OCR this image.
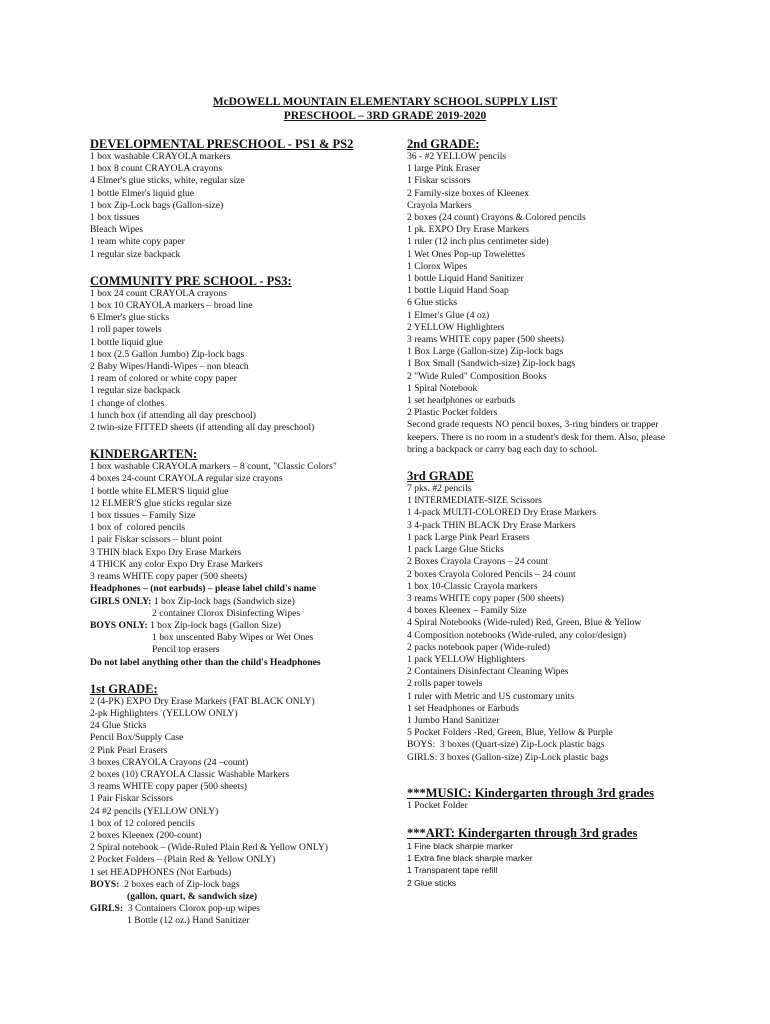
McDOWELL MOUNTAIN ELEMENTARY SCHOOL SUPPLY LIST
PRESCHOOL – 3RD GRADE 2019-2020
DEVELOPMENTAL PRESCHOOL - PS1 & PS2
1 box washable CRAYOLA markers
1 box 8 count CRAYOLA crayons
4 Elmer's glue sticks, white, regular size
1 bottle Elmer's liquid glue
1 box Zip-Lock bags (Gallon-size)
1 box tissues
Bleach Wipes
1 ream white copy paper
1 regular size backpack
COMMUNITY PRE SCHOOL - PS3:
1 box 24 count CRAYOLA crayons
1 box 10 CRAYOLA markers – broad line
6 Elmer's glue sticks
1 roll paper towels
1 bottle liquid glue
1 box (2.5 Gallon Jumbo) Zip-lock bags
2 Baby Wipes/Handi-Wipes – non bleach
1 ream of colored or white copy paper
1 regular size backpack
1 change of clothes
1 lunch box (if attending all day preschool)
2 twin-size FITTED sheets (if attending all day preschool)
KINDERGARTEN:
1 box washable CRAYOLA markers – 8 count, "Classic Colors"
4 boxes 24-count CRAYOLA regular size crayons
1 bottle white ELMER'S liquid glue
12 ELMER'S glue sticks regular size
1 box tissues – Family Size
1 box of  colored pencils
1 pair Fiskar scissors – blunt point
3 THIN black Expo Dry Erase Markers
4 THICK any color Expo Dry Erase Markers
3 reams WHITE copy paper (500 sheets)
Headphones – (not earbuds) – please label child's name
GIRLS ONLY: 1 box Zip-lock bags (Sandwich size)
2 container Clorox Disinfecting Wipes
BOYS ONLY: 1 box Zip-lock bags (Gallon Size)
1 box unscented Baby Wipes or Wet Ones
Pencil top erasers
Do not label anything other than the child's Headphones
1st GRADE:
2 (4-PK) EXPO Dry Erase Markers (FAT BLACK ONLY)
2-pk Highlighters  (YELLOW ONLY)
24 Glue Sticks
Pencil Box/Supply Case
2 Pink Pearl Erasers
3 boxes CRAYOLA Crayons (24 –count)
2 boxes (10) CRAYOLA Classic Washable Markers
3 reams WHITE copy paper (500 sheets)
1 Pair Fiskar Scissors
24 #2 pencils (YELLOW ONLY)
1 box of 12 colored pencils
2 boxes Kleenex (200-count)
2 Spiral notebook – (Wide-Ruled Plain Red & Yellow ONLY)
2 Pocket Folders – (Plain Red & Yellow ONLY)
1 set HEADPHONES (Not Earbuds)
BOYS: 2 boxes each of Zip-lock bags
(gallon, quart, & sandwich size)
GIRLS: 3 Containers Clorox pop-up wipes
1 Bottle (12 oz.) Hand Sanitizer
2nd GRADE:
36 - #2 YELLOW pencils
1 large Pink Eraser
1 Fiskar scissors
2 Family-size boxes of Kleenex
Crayola Markers
2 boxes (24 count) Crayons & Colored pencils
1 pk. EXPO Dry Erase Markers
1 ruler (12 inch plus centimeter side)
1 Wet Ones Pop-up Towelettes
1 Clorox Wipes
1 bottle Liquid Hand Sanitizer
1 bottle Liquid Hand Soap
6 Glue sticks
1 Elmer's Glue (4 oz)
2 YELLOW Highlighters
3 reams WHITE copy paper (500 sheets)
1 Box Large (Gallon-size) Zip-lock bags
1 Box Small (Sandwich-size) Zip-lock bags
2 "Wide Ruled" Composition Books
1 Spiral Notebook
1 set headphones or earbuds
2 Plastic Pocket folders
Second grade requests NO pencil boxes, 3-ring binders or trapper keepers. There is no room in a student's desk for them. Also, please bring a backpack or carry bag each day to school.
3rd GRADE
7 pks. #2 pencils
1 INTERMEDIATE-SIZE Scissors
1 4-pack MULTI-COLORED Dry Erase Markers
3 4-pack THIN BLACK Dry Erase Markers
1 pack Large Pink Pearl Erasers
1 pack Large Glue Sticks
2 Boxes Crayola Crayons – 24 count
2 boxes Crayola Colored Pencils – 24 count
1 box 10-Classic Crayola markers
3 reams WHITE copy paper (500 sheets)
4 boxes Kleenex – Family Size
4 Spiral Notebooks (Wide-ruled) Red, Green, Blue & Yellow
4 Composition notebooks (Wide-ruled, any color/design)
2 packs notebook paper (Wide-ruled)
1 pack YELLOW Highlighters
2 Containers Disinfectant Cleaning Wipes
2 rolls paper towels
1 ruler with Metric and US customary units
1 set Headphones or Earbuds
1 Jumbo Hand Sanitizer
5 Pocket Folders -Red, Green, Blue, Yellow & Purple
BOYS:  3 boxes (Quart-size) Zip-Lock plastic bags
GIRLS: 3 boxes (Gallon-size) Zip-Lock plastic bags
***MUSIC: Kindergarten through 3rd grades
1 Pocket Folder
***ART: Kindergarten through 3rd grades
1 Fine black sharpie marker
1 Extra fine black sharpie marker
1 Transparent tape refill
2 Glue sticks
